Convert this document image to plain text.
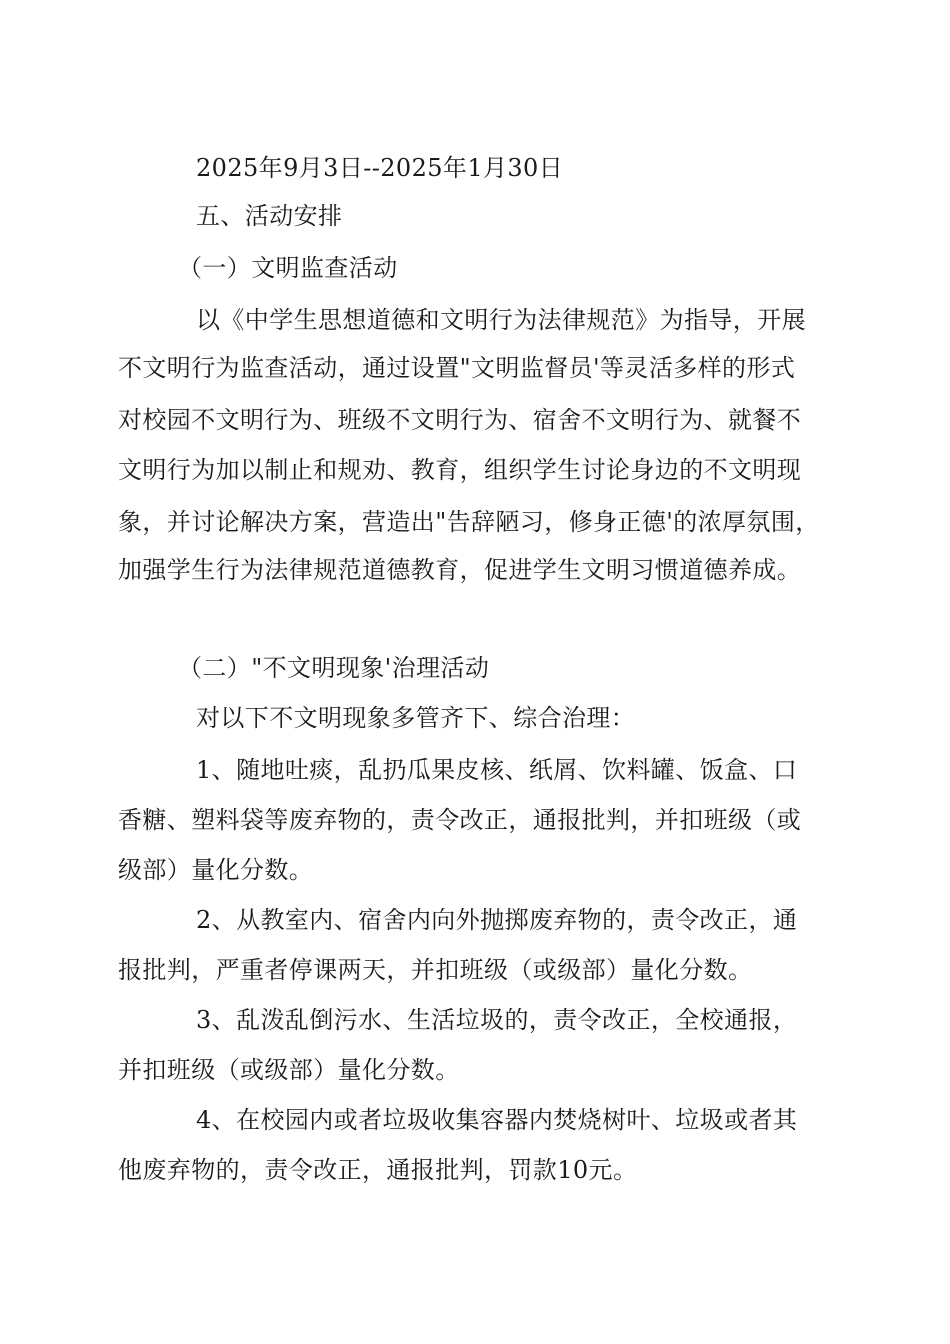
2025年9月3日--2025年1月30日
五、活动安排
（一）文明监查活动
以《中学生思想道德和文明行为法律规范》为指导，开展
不文明行为监查活动，通过设置"文明监督员'等灵活多样的形式
对校园不文明行为、班级不文明行为、宿舍不文明行为、就餐不
文明行为加以制止和规劝、教育，组织学生讨论身边的不文明现
象，并讨论解决方案，营造出"告辞陋习，修身正德'的浓厚氛围，
加强学生行为法律规范道德教育，促进学生文明习惯道德养成。
（二）"不文明现象'治理活动
对以下不文明现象多管齐下、综合治理：
1、随地吐痰，乱扔瓜果皮核、纸屑、饮料罐、饭盒、口
香糖、塑料袋等废弃物的，责令改正，通报批判，并扣班级（或
级部）量化分数。
2、从教室内、宿舍内向外抛掷废弃物的，责令改正，通
报批判，严重者停课两天，并扣班级（或级部）量化分数。
3、乱泼乱倒污水、生活垃圾的，责令改正，全校通报，
并扣班级（或级部）量化分数。
4、在校园内或者垃圾收集容器内焚烧树叶、垃圾或者其
他废弃物的，责令改正，通报批判，罚款10元。
